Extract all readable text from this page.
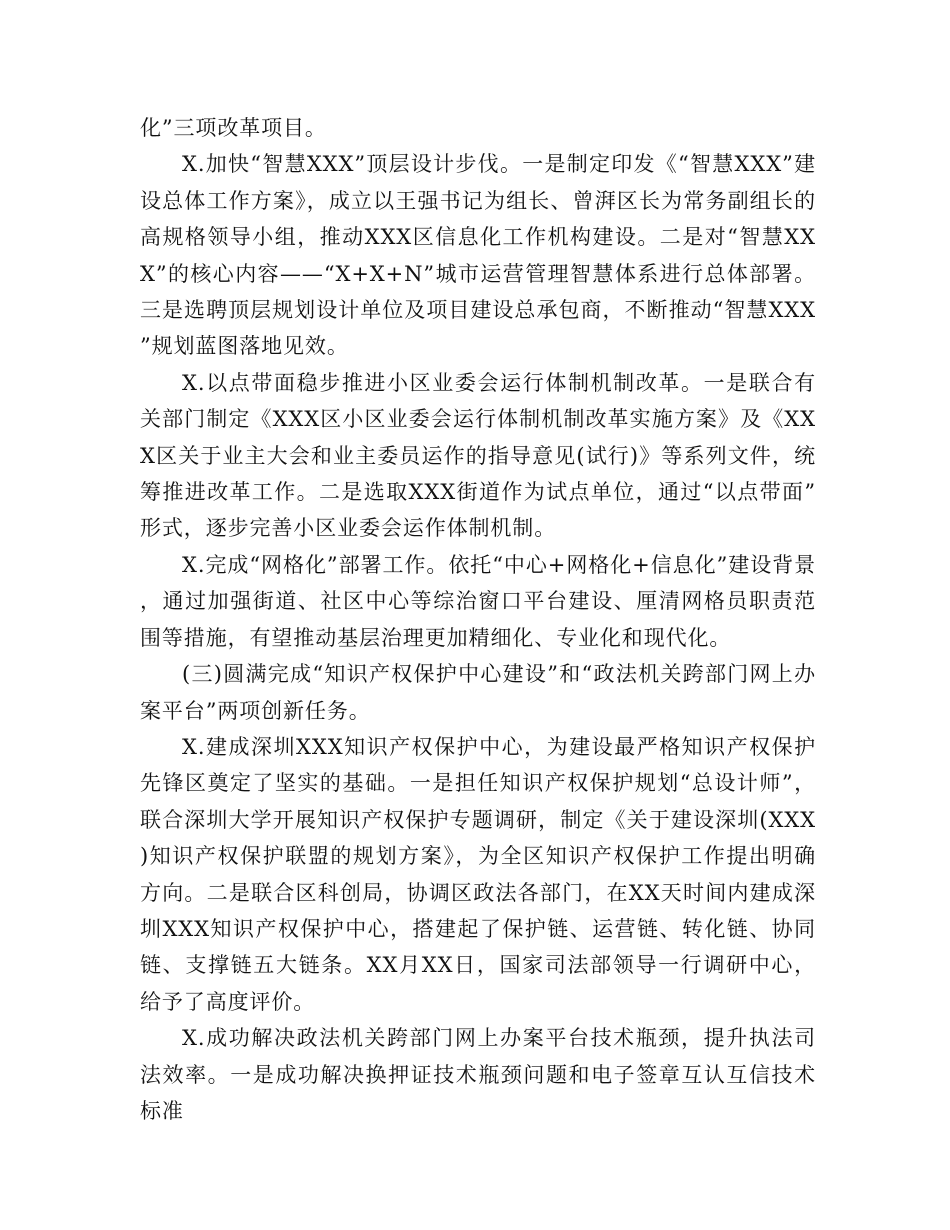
化”三项改革项目。

X.加快“智慧XXX”顶层设计步伐。一是制定印发《“智慧XXX”建设总体工作方案》，成立以王强书记为组长、曾湃区长为常务副组长的高规格领导小组，推动XXX区信息化工作机构建设。二是对“智慧XXX”的核心内容——“X+X+N”城市运营管理智慧体系进行总体部署。三是选聘顶层规划设计单位及项目建设总承包商，不断推动“智慧XXX”规划蓝图落地见效。

X.以点带面稳步推进小区业委会运行体制机制改革。一是联合有关部门制定《XXX区小区业委会运行体制机制改革实施方案》及《XXX区关于业主大会和业主委员运作的指导意见(试行)》等系列文件，统筹推进改革工作。二是选取XXX街道作为试点单位，通过“以点带面”形式，逐步完善小区业委会运作体制机制。

X.完成“网格化”部署工作。依托“中心+网格化+信息化”建设背景，通过加强街道、社区中心等综治窗口平台建设、厘清网格员职责范围等措施，有望推动基层治理更加精细化、专业化和现代化。

(三)圆满完成“知识产权保护中心建设”和“政法机关跨部门网上办案平台”两项创新任务。

X.建成深圳XXX知识产权保护中心，为建设最严格知识产权保护先锋区奠定了坚实的基础。一是担任知识产权保护规划“总设计师”，联合深圳大学开展知识产权保护专题调研，制定《关于建设深圳(XXX)知识产权保护联盟的规划方案》，为全区知识产权保护工作提出明确方向。二是联合区科创局，协调区政法各部门，在XX天时间内建成深圳XXX知识产权保护中心，搭建起了保护链、运营链、转化链、协同链、支撑链五大链条。XX月XX日，国家司法部领导一行调研中心，给予了高度评价。

X.成功解决政法机关跨部门网上办案平台技术瓶颈，提升执法司法效率。一是成功解决换押证技术瓶颈问题和电子签章互认互信技术标准
